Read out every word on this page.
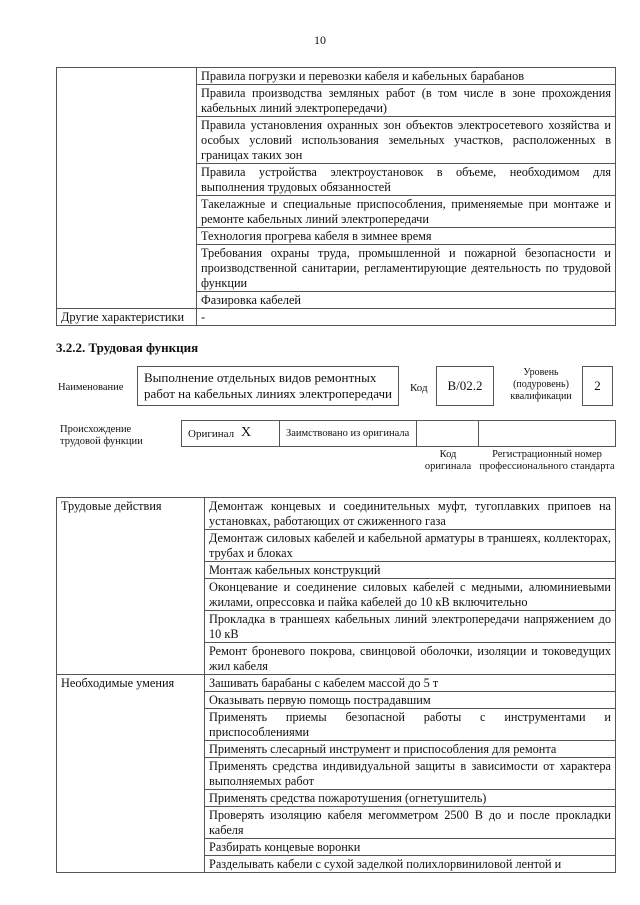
10
	Правила погрузки и перевозки кабеля и кабельных барабанов
	Правила производства земляных работ (в том числе в зоне прохождения кабельных линий электропередачи)
	Правила установления охранных зон объектов электросетевого хозяйства и особых условий использования земельных участков, расположенных в границах таких зон
	Правила устройства электроустановок в объеме, необходимом для выполнения трудовых обязанностей
	Такелажные и специальные приспособления, применяемые при монтаже и ремонте кабельных линий электропередачи
	Технология прогрева кабеля в зимнее время
	Требования охраны труда, промышленной и пожарной безопасности и производственной санитарии, регламентирующие деятельность по трудовой функции
	Фазировка кабелей
Другие характеристики	-
3.2.2. Трудовая функция
Наименование
Выполнение отдельных видов ремонтных работ на кабельных линиях электропередачи	Код	B/02.2
Уровень (подуровень) квалификации
2
Происхождение трудовой функции
Оригинал X	Заимствовано из оригинала
Код оригинала
Регистрационный номер профессионального стандарта
Трудовые действия	Демонтаж концевых и соединительных муфт, тугоплавких припоев на установках, работающих от сжиженного газа
	Демонтаж силовых кабелей и кабельной арматуры в траншеях, коллекторах, трубах и блоках
	Монтаж кабельных конструкций
	Оконцевание и соединение силовых кабелей с медными, алюминиевыми жилами, опрессовка и пайка кабелей до 10 кВ включительно
	Прокладка в траншеях кабельных линий электропередачи напряжением до 10 кВ
	Ремонт броневого покрова, свинцовой оболочки, изоляции и токоведущих жил кабеля
Необходимые умения	Зашивать барабаны с кабелем массой до 5 т
	Оказывать первую помощь пострадавшим
	Применять приемы безопасной работы с инструментами и приспособлениями
	Применять слесарный инструмент и приспособления для ремонта
	Применять средства индивидуальной защиты в зависимости от характера выполняемых работ
	Применять средства пожаротушения (огнетушитель)
	Проверять изоляцию кабеля мегомметром 2500 В до и после прокладки кабеля
	Разбирать концевые воронки
	Разделывать кабели с сухой заделкой полихлорвиниловой лентой и
